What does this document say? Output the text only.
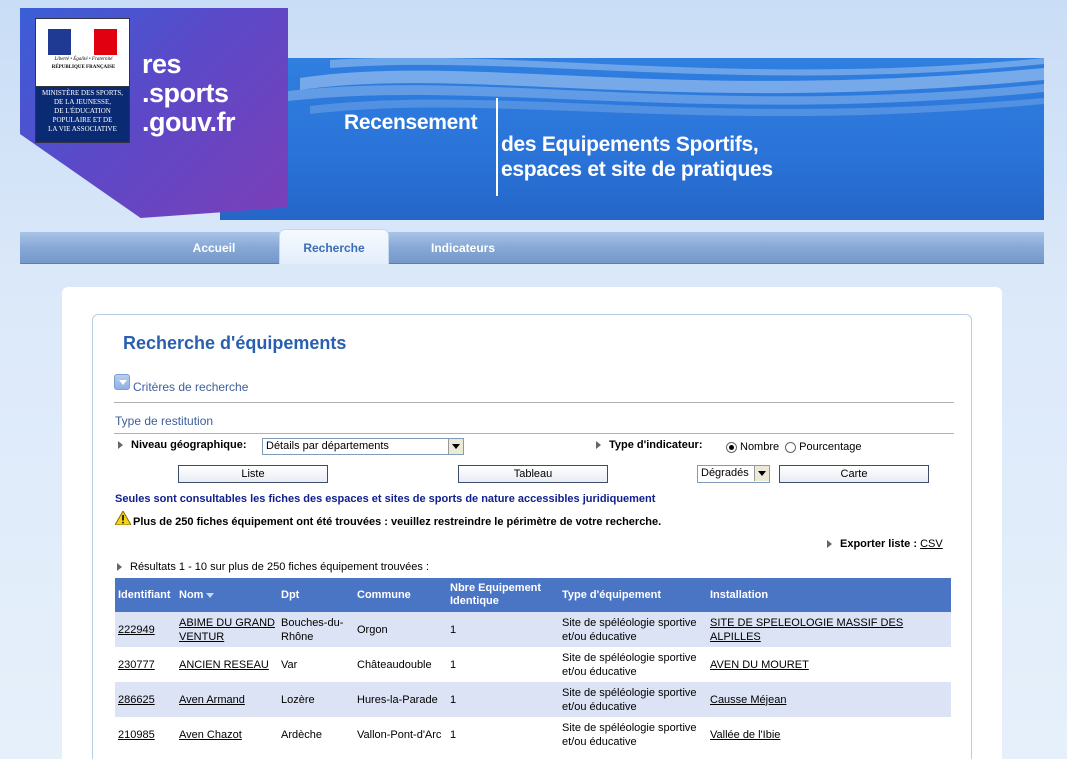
Liberté • Égalité • Fraternité
RÉPUBLIQUE FRANÇAISE
MINISTÈRE DES SPORTS,
DE LA JEUNESSE,
DE L'ÉDUCATION
POPULAIRE ET DE
LA VIE ASSOCIATIVE
res
.sports
.gouv.fr	Recensement
des Equipements Sportifs,
espaces et site de pratiques
Accueil	Recherche	Indicateurs
Recherche d'équipements
Critères de recherche
Type de restitution
Niveau géographique:	Détails par départements	Type d'indicateur:	Nombre Pourcentage
Liste	Tableau	Dégradés	Carte
Seules sont consultables les fiches des espaces et sites de sports de nature accessibles juridiquement
Plus de 250 fiches équipement ont été trouvées : veuillez restreindre le périmètre de votre recherche.
Exporter liste : CSV
Résultats 1 - 10 sur plus de 250 fiches équipement trouvées :
Identifiant	Nom	Dpt	Commune	Nbre Equipement Identique	Type d'équipement	Installation
222949	ABIME DU GRAND VENTUR	Bouches-du-Rhône	Orgon	1	Site de spéléologie sportive et/ou éducative	SITE DE SPELEOLOGIE MASSIF DES ALPILLES
230777	ANCIEN RESEAU	Var	Châteaudouble	1	Site de spéléologie sportive et/ou éducative	AVEN DU MOURET
286625	Aven Armand	Lozère	Hures-la-Parade	1	Site de spéléologie sportive et/ou éducative	Causse Méjean
210985	Aven Chazot	Ardèche	Vallon-Pont-d'Arc	1	Site de spéléologie sportive et/ou éducative	Vallée de l'Ibie
